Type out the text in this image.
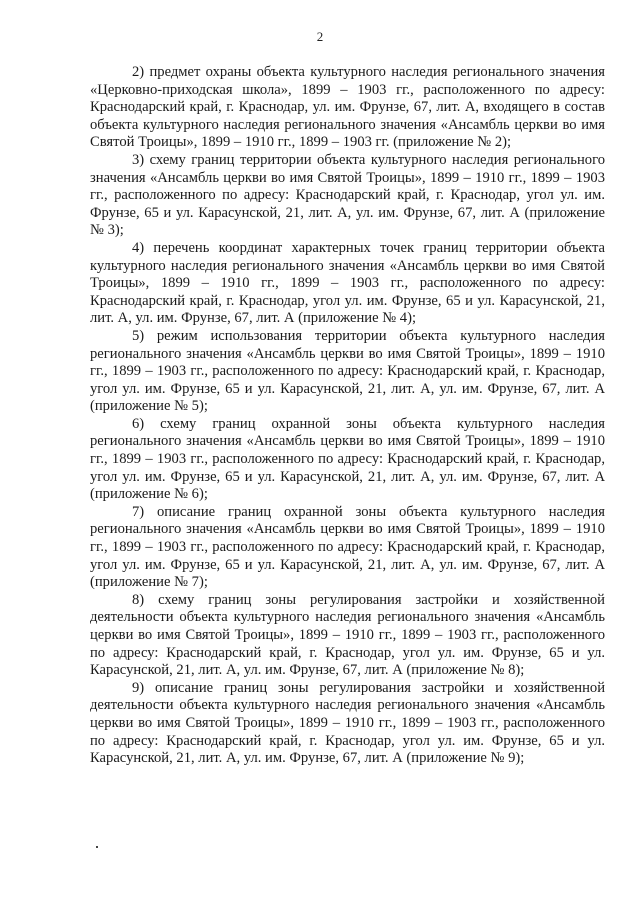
2

2) предмет охраны объекта культурного наследия регионального значения «Церковно-приходская школа», 1899 – 1903 гг., расположенного по адресу: Краснодарский край, г. Краснодар, ул. им. Фрунзе, 67, лит. А, входящего в состав объекта культурного наследия регионального значения «Ансамбль церкви во имя Святой Троицы», 1899 – 1910 гг., 1899 – 1903 гг. (приложение № 2);

3) схему границ территории объекта культурного наследия регионального значения «Ансамбль церкви во имя Святой Троицы», 1899 – 1910 гг., 1899 – 1903 гг., расположенного по адресу: Краснодарский край, г. Краснодар, угол ул. им. Фрунзе, 65 и ул. Карасунской, 21, лит. А, ул. им. Фрунзе, 67, лит. А (приложение № 3);

4) перечень координат характерных точек границ территории объекта культурного наследия регионального значения «Ансамбль церкви во имя Святой Троицы», 1899 – 1910 гг., 1899 – 1903 гг., расположенного по адресу: Краснодарский край, г. Краснодар, угол ул. им. Фрунзе, 65 и ул. Карасунской, 21, лит. А, ул. им. Фрунзе, 67, лит. А (приложение № 4);

5) режим использования территории объекта культурного наследия регионального значения «Ансамбль церкви во имя Святой Троицы», 1899 – 1910 гг., 1899 – 1903 гг., расположенного по адресу: Краснодарский край, г. Краснодар, угол ул. им. Фрунзе, 65 и ул. Карасунской, 21, лит. А, ул. им. Фрунзе, 67, лит. А (приложение № 5);

6) схему границ охранной зоны объекта культурного наследия регионального значения «Ансамбль церкви во имя Святой Троицы», 1899 – 1910 гг., 1899 – 1903 гг., расположенного по адресу: Краснодарский край, г. Краснодар, угол ул. им. Фрунзе, 65 и ул. Карасунской, 21, лит. А, ул. им. Фрунзе, 67, лит. А (приложение № 6);

7) описание границ охранной зоны объекта культурного наследия регионального значения «Ансамбль церкви во имя Святой Троицы», 1899 – 1910 гг., 1899 – 1903 гг., расположенного по адресу: Краснодарский край, г. Краснодар, угол ул. им. Фрунзе, 65 и ул. Карасунской, 21, лит. А, ул. им. Фрунзе, 67, лит. А (приложение № 7);

8) схему границ зоны регулирования застройки и хозяйственной деятельности объекта культурного наследия регионального значения «Ансамбль церкви во имя Святой Троицы», 1899 – 1910 гг., 1899 – 1903 гг., расположенного по адресу: Краснодарский край, г. Краснодар, угол ул. им. Фрунзе, 65 и ул. Карасунской, 21, лит. А, ул. им. Фрунзе, 67, лит. А (приложение № 8);

9) описание границ зоны регулирования застройки и хозяйственной деятельности объекта культурного наследия регионального значения «Ансамбль церкви во имя Святой Троицы», 1899 – 1910 гг., 1899 – 1903 гг., расположенного по адресу: Краснодарский край, г. Краснодар, угол ул. им. Фрунзе, 65 и ул. Карасунской, 21, лит. А, ул. им. Фрунзе, 67, лит. А (приложение № 9);
